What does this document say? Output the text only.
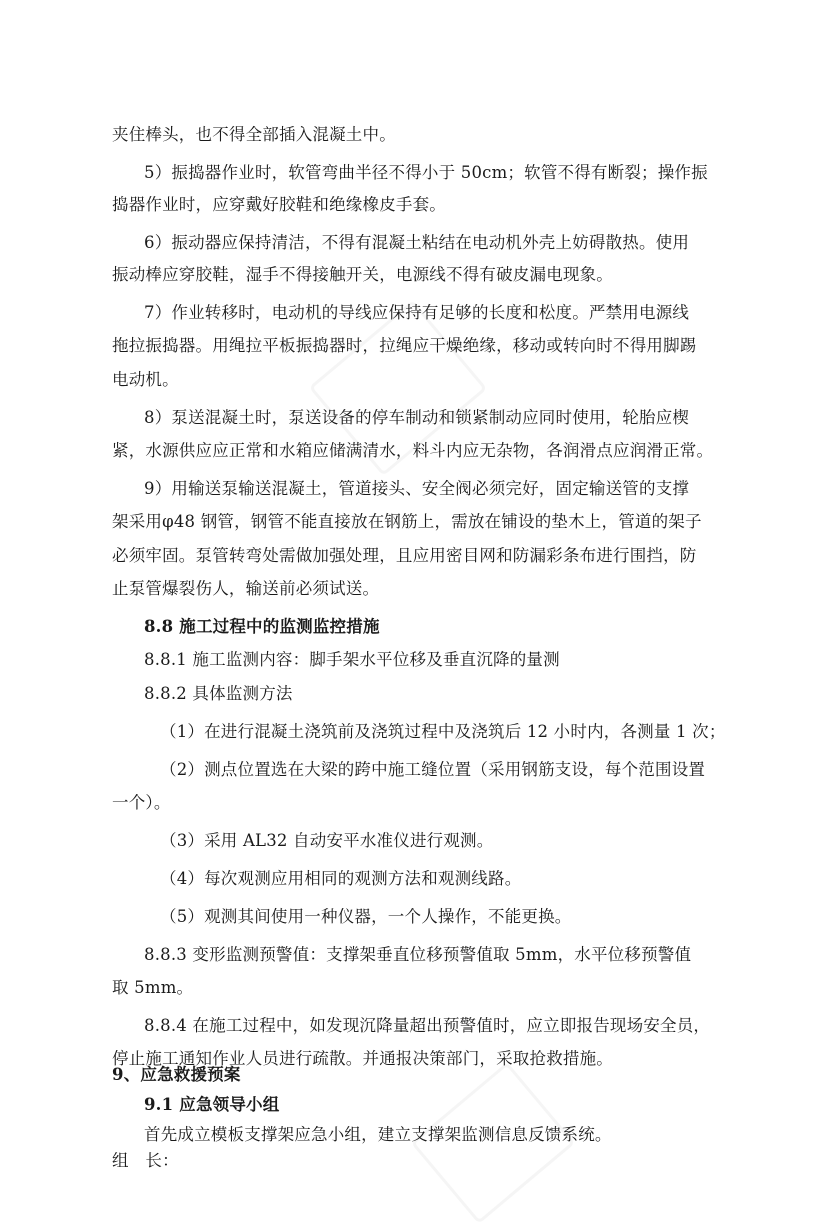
夹住棒头，也不得全部插入混凝土中。
5）振捣器作业时，软管弯曲半径不得小于 50cm；软管不得有断裂；操作振
捣器作业时，应穿戴好胶鞋和绝缘橡皮手套。
6）振动器应保持清洁，不得有混凝土粘结在电动机外壳上妨碍散热。使用
振动棒应穿胶鞋，湿手不得接触开关，电源线不得有破皮漏电现象。
7）作业转移时，电动机的导线应保持有足够的长度和松度。严禁用电源线
拖拉振捣器。用绳拉平板振捣器时，拉绳应干燥绝缘，移动或转向时不得用脚踢
电动机。
8）泵送混凝土时，泵送设备的停车制动和锁紧制动应同时使用，轮胎应楔
紧，水源供应应正常和水箱应储满清水，料斗内应无杂物，各润滑点应润滑正常。
9）用输送泵输送混凝土，管道接头、安全阀必须完好，固定输送管的支撑
架采用φ48 钢管，钢管不能直接放在钢筋上，需放在铺设的垫木上，管道的架子
必须牢固。泵管转弯处需做加强处理，且应用密目网和防漏彩条布进行围挡，防
止泵管爆裂伤人，输送前必须试送。
8.8 施工过程中的监测监控措施
8.8.1 施工监测内容：脚手架水平位移及垂直沉降的量测
8.8.2 具体监测方法
（1）在进行混凝土浇筑前及浇筑过程中及浇筑后 12 小时内，各测量 1 次；
（2）测点位置选在大梁的跨中施工缝位置（采用钢筋支设，每个范围设置
一个）。
（3）采用 AL32 自动安平水准仪进行观测。
（4）每次观测应用相同的观测方法和观测线路。
（5）观测其间使用一种仪器，一个人操作，不能更换。
8.8.3 变形监测预警值：支撑架垂直位移预警值取 5mm，水平位移预警值
取 5mm。
8.8.4 在施工过程中，如发现沉降量超出预警值时，应立即报告现场安全员，
停止施工通知作业人员进行疏散。并通报决策部门，采取抢救措施。
9、应急救援预案
9.1 应急领导小组
首先成立模板支撑架应急小组，建立支撑架监测信息反馈系统。
组　长：
